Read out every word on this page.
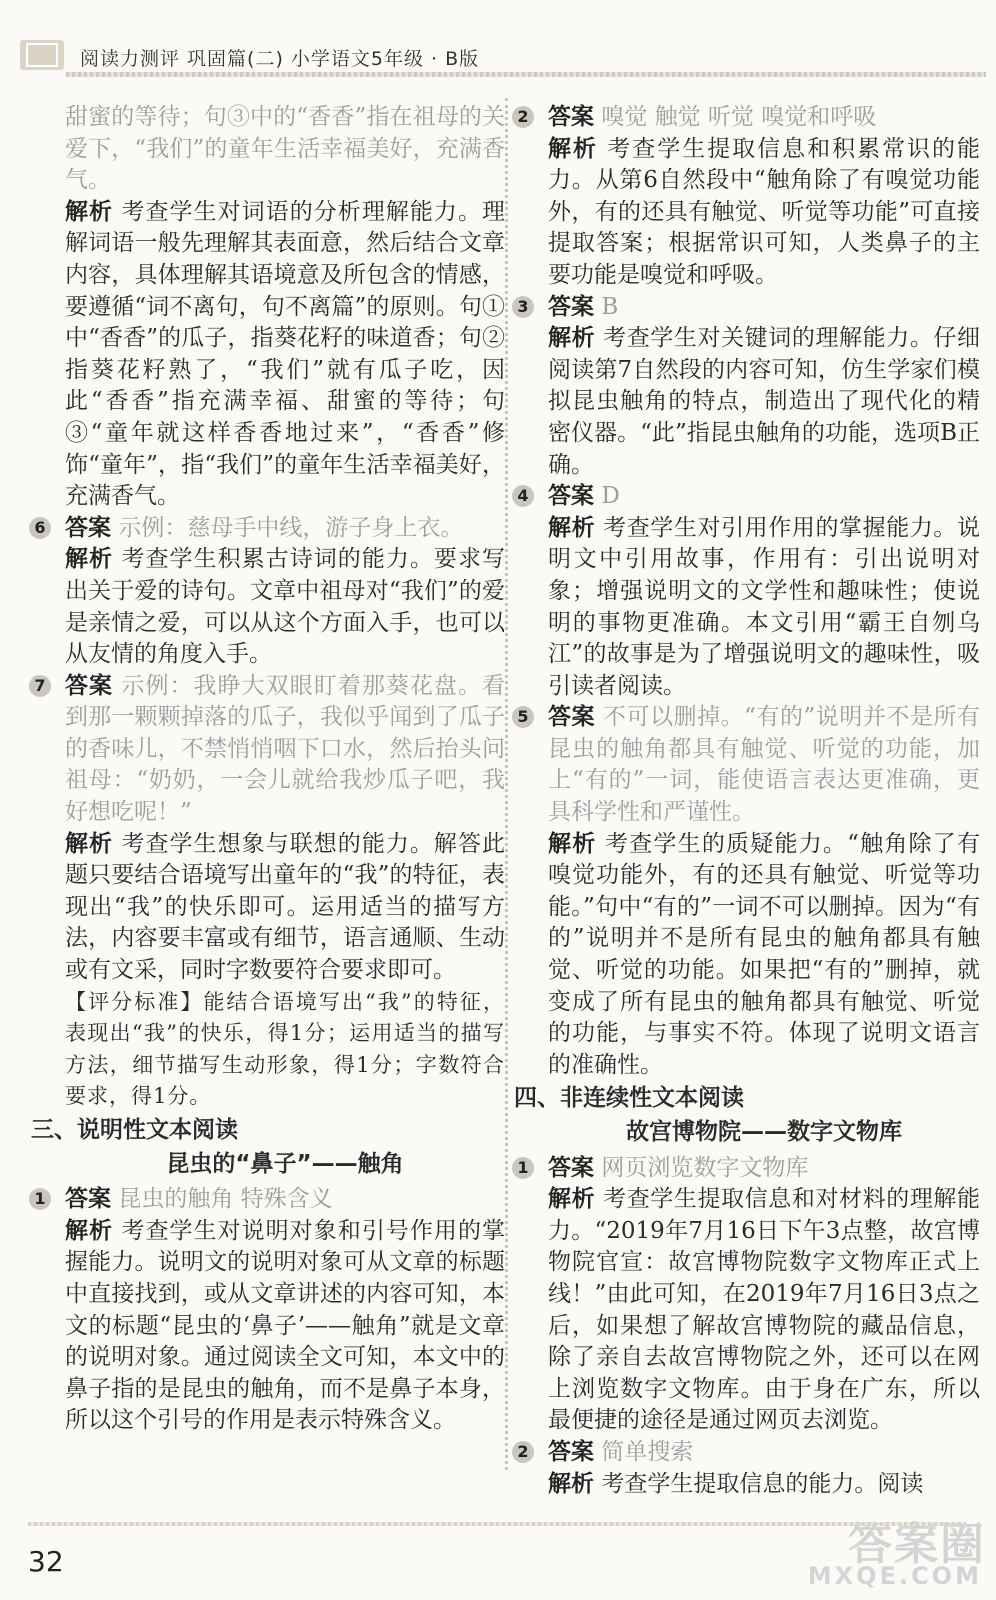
阅读力测评 巩固篇(二) 小学语文5年级 · B版

甜蜜的等待；句③中的“香香”指在祖母的关爱下，“我们”的童年生活幸福美好，充满香气。

解析 考查学生对词语的分析理解能力。理解词语一般先理解其表面意，然后结合文章内容，具体理解其语境意及所包含的情感，要遵循“词不离句，句不离篇”的原则。句①中“香香”的瓜子，指葵花籽的味道香；句②指葵花籽熟了，“我们”就有瓜子吃，因此“香香”指充满幸福、甜蜜的等待；句③“童年就这样香香地过来”，“香香”修饰“童年”，指“我们”的童年生活幸福美好，充满香气。

6 答案 示例：慈母手中线，游子身上衣。

解析 考查学生积累古诗词的能力。要求写出关于爱的诗句。文章中祖母对“我们”的爱是亲情之爱，可以从这个方面入手，也可以从友情的角度入手。

7 答案 示例：我睁大双眼盯着那葵花盘。看到那一颗颗掉落的瓜子，我似乎闻到了瓜子的香味儿，不禁悄悄咽下口水，然后抬头问祖母：“奶奶，一会儿就给我炒瓜子吧，我好想吃呢！”

解析 考查学生想象与联想的能力。解答此题只要结合语境写出童年的“我”的特征，表现出“我”的快乐即可。运用适当的描写方法，内容要丰富或有细节，语言通顺、生动或有文采，同时字数要符合要求即可。

【评分标准】能结合语境写出“我”的特征，表现出“我”的快乐，得1分；运用适当的描写方法，细节描写生动形象，得1分；字数符合要求，得1分。

三、说明性文本阅读
昆虫的“鼻子”——触角
1 答案 昆虫的触角 特殊含义

解析 考查学生对说明对象和引号作用的掌握能力。说明文的说明对象可从文章的标题中直接找到，或从文章讲述的内容可知，本文的标题“昆虫的‘鼻子’——触角”就是文章的说明对象。通过阅读全文可知，本文中的鼻子指的是昆虫的触角，而不是鼻子本身，所以这个引号的作用是表示特殊含义。

2 答案 嗅觉 触觉 听觉 嗅觉和呼吸

解析 考查学生提取信息和积累常识的能力。从第6自然段中“触角除了有嗅觉功能外，有的还具有触觉、听觉等功能”可直接提取答案；根据常识可知，人类鼻子的主要功能是嗅觉和呼吸。

3 答案 B

解析 考查学生对关键词的理解能力。仔细阅读第7自然段的内容可知，仿生学家们模拟昆虫触角的特点，制造出了现代化的精密仪器。“此”指昆虫触角的功能，选项B正确。

4 答案 D

解析 考查学生对引用作用的掌握能力。说明文中引用故事，作用有：引出说明对象；增强说明文的文学性和趣味性；使说明的事物更准确。本文引用“霸王自刎乌江”的故事是为了增强说明文的趣味性，吸引读者阅读。

5 答案 不可以删掉。“有的”说明并不是所有昆虫的触角都具有触觉、听觉的功能，加上“有的”一词，能使语言表达更准确，更具科学性和严谨性。

解析 考查学生的质疑能力。“触角除了有嗅觉功能外，有的还具有触觉、听觉等功能。”句中“有的”一词不可以删掉。因为“有的”说明并不是所有昆虫的触角都具有触觉、听觉的功能。如果把“有的”删掉，就变成了所有昆虫的触角都具有触觉、听觉的功能，与事实不符。体现了说明文语言的准确性。

四、非连续性文本阅读
故宫博物院——数字文物库
1 答案 网页浏览数字文物库

解析 考查学生提取信息和对材料的理解能力。“2019年7月16日下午3点整，故宫博物院官宣：故宫博物院数字文物库正式上线！”由此可知，在2019年7月16日3点之后，如果想了解故宫博物院的藏品信息，除了亲自去故宫博物院之外，还可以在网上浏览数字文物库。由于身在广东，所以最便捷的途径是通过网页去浏览。

2 答案 简单搜索

解析 考查学生提取信息的能力。阅读

32	答案圈
MXQE.COM
